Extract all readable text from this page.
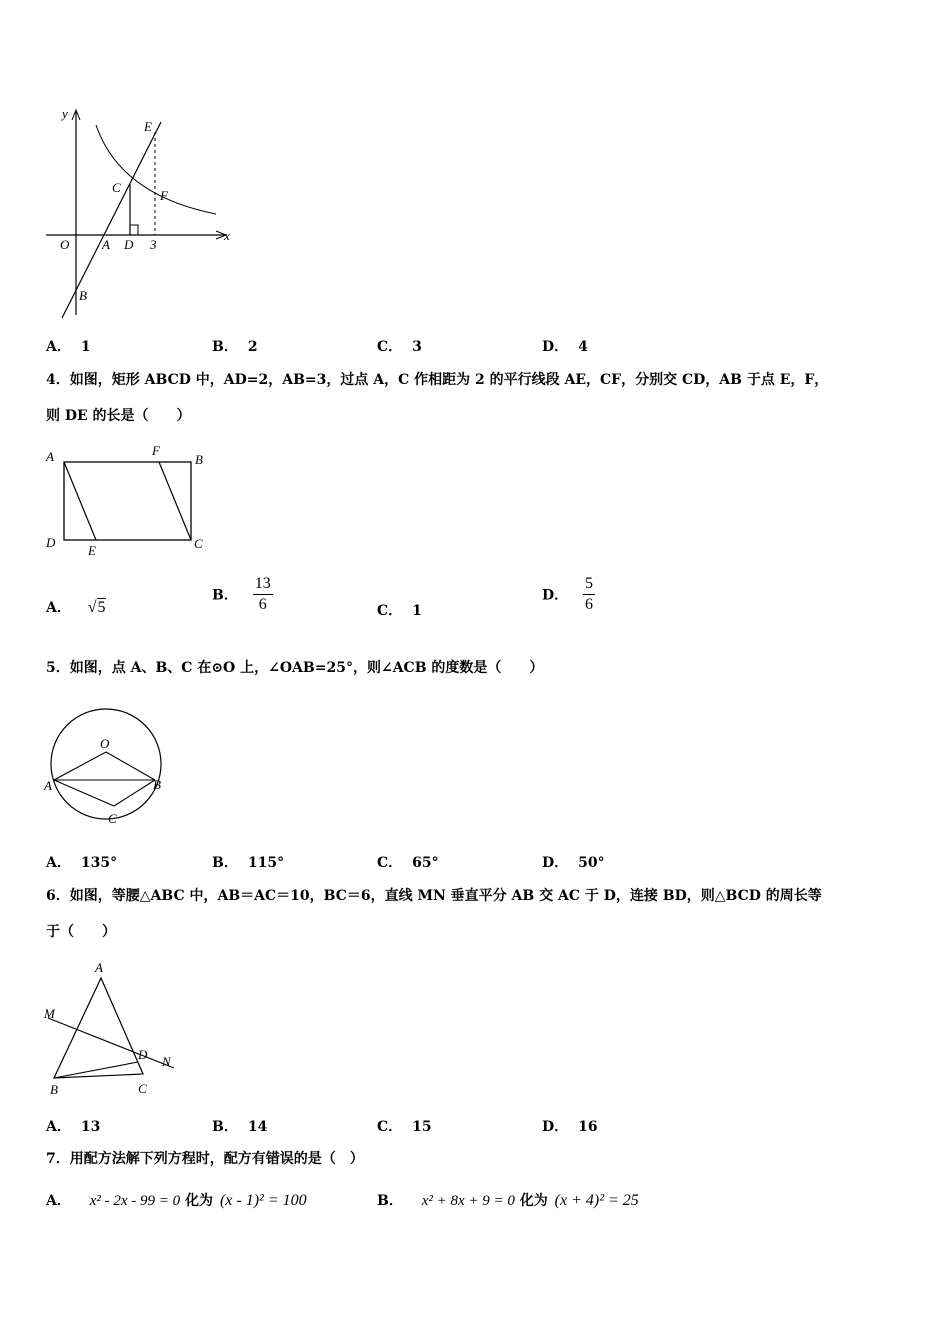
y
x
E
C
F
O	A D 3
B
A． 1	B． 2	C． 3	D． 4
4．如图，矩形 ABCD 中，AD=2，AB=3，过点 A，C 作相距为 2 的平行线段 AE，CF，分别交 CD，AB 于点 E，F，
则 DE 的长是（　　）
A	F
B
D
E	C
A． √5
B． $\frac{13}{6}$	C． 1
D． $\frac{5}{6}$
5．如图，点 A、B、C 在⊙O 上，∠OAB=25°，则∠ACB 的度数是（　　）
O
A	B
C
A． 135°	B． 115°	C． 65°	D． 50°
6．如图，等腰△ABC 中，AB＝AC＝10，BC＝6，直线 MN 垂直平分 AB 交 AC 于 D，连接 BD，则△BCD 的周长等
于（　　）
A
M
D N
B	C
A． 13	B． 14	C． 15	D． 16
7．用配方法解下列方程时，配方有错误的是（　）
A． x² - 2x - 99 = 0 化为 (x - 1)² = 100	B． x² + 8x + 9 = 0 化为 (x + 4)² = 25
